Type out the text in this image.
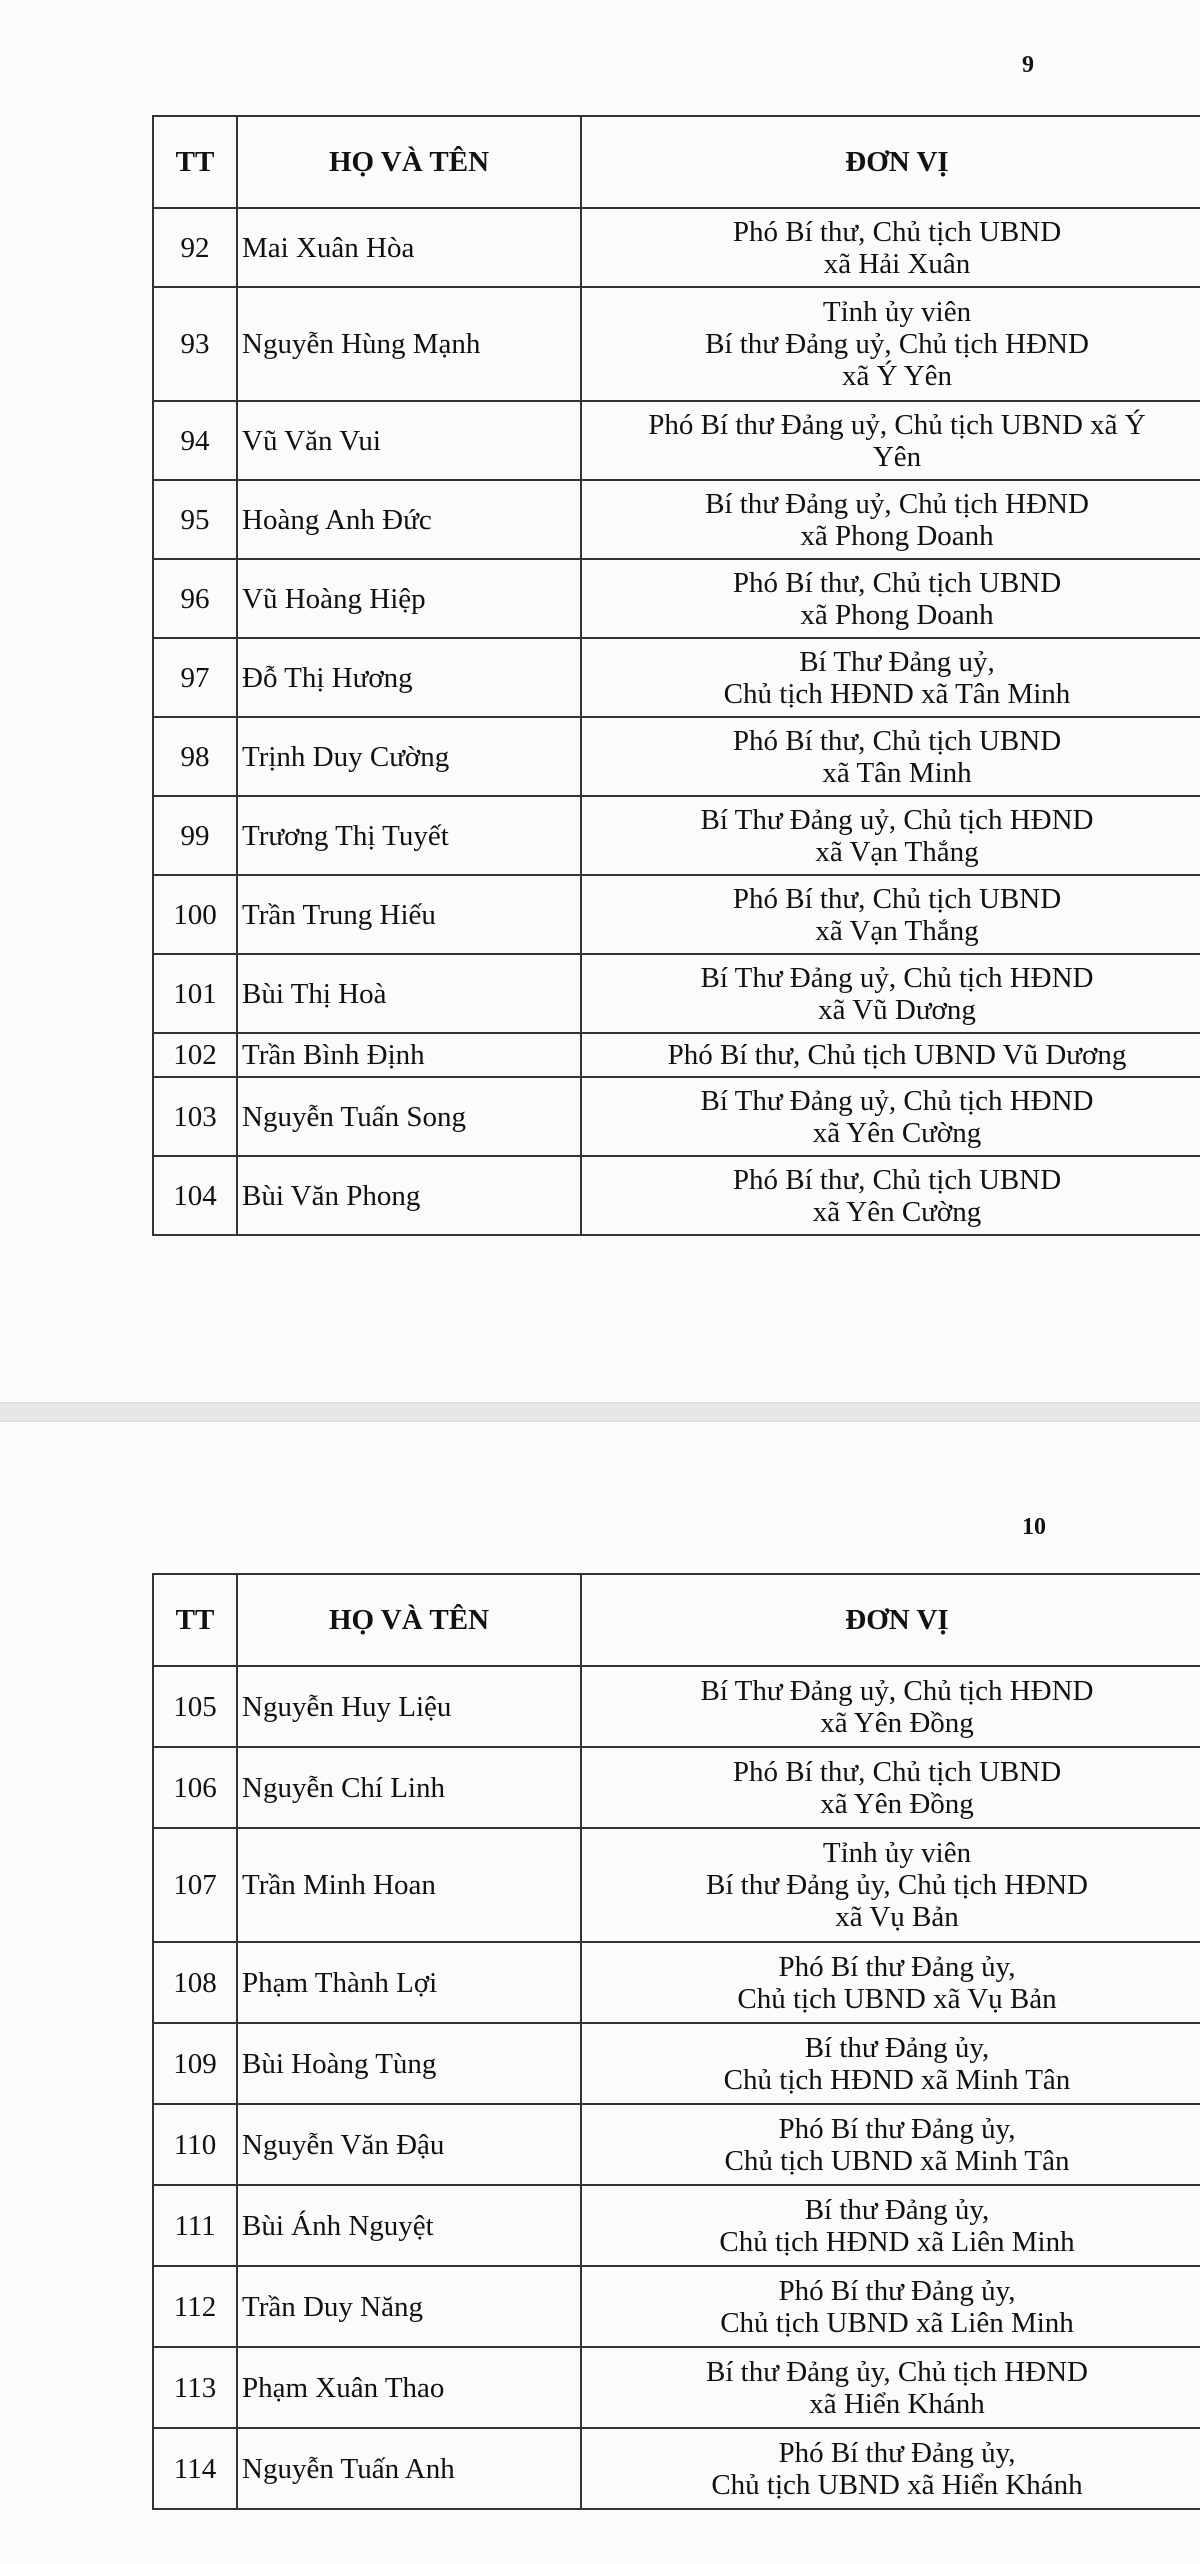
9
TT	HỌ VÀ TÊN	ĐƠN VỊ
92	Mai Xuân Hòa	Phó Bí thư, Chủ tịch UBND
xã Hải Xuân

93	Nguyễn Hùng Mạnh	Tỉnh ủy viên
Bí thư Đảng uỷ, Chủ tịch HĐND
xã Ý Yên

94	Vũ Văn Vui	Phó Bí thư Đảng uỷ, Chủ tịch UBND xã Ý
Yên

95	Hoàng Anh Đức	Bí thư Đảng uỷ, Chủ tịch HĐND
xã Phong Doanh

96	Vũ Hoàng Hiệp	Phó Bí thư, Chủ tịch UBND
xã Phong Doanh

97	Đỗ Thị Hương	Bí Thư Đảng uỷ,
Chủ tịch HĐND xã Tân Minh

98	Trịnh Duy Cường	Phó Bí thư, Chủ tịch UBND
xã Tân Minh

99	Trương Thị Tuyết	Bí Thư Đảng uỷ, Chủ tịch HĐND
xã Vạn Thắng

100	Trần Trung Hiếu	Phó Bí thư, Chủ tịch UBND
xã Vạn Thắng

101	Bùi Thị Hoà	Bí Thư Đảng uỷ, Chủ tịch HĐND
xã Vũ Dương

102	Trần Bình Định	Phó Bí thư, Chủ tịch UBND Vũ Dương

103	Nguyễn Tuấn Song	Bí Thư Đảng uỷ, Chủ tịch HĐND
xã Yên Cường

104	Bùi Văn Phong	Phó Bí thư, Chủ tịch UBND
xã Yên Cường
10
TT	HỌ VÀ TÊN	ĐƠN VỊ
105	Nguyễn Huy Liệu	Bí Thư Đảng uỷ, Chủ tịch HĐND
xã Yên Đồng

106	Nguyễn Chí Linh	Phó Bí thư, Chủ tịch UBND
xã Yên Đồng

107	Trần Minh Hoan	Tỉnh ủy viên
Bí thư Đảng ủy, Chủ tịch HĐND
xã Vụ Bản

108	Phạm Thành Lợi	Phó Bí thư Đảng ủy,
Chủ tịch UBND xã Vụ Bản

109	Bùi Hoàng Tùng	Bí thư Đảng ủy,
Chủ tịch HĐND xã Minh Tân

110	Nguyễn Văn Đậu	Phó Bí thư Đảng ủy,
Chủ tịch UBND xã Minh Tân

111	Bùi Ánh Nguyệt	Bí thư Đảng ủy,
Chủ tịch HĐND xã Liên Minh

112	Trần Duy Năng	Phó Bí thư Đảng ủy,
Chủ tịch UBND xã Liên Minh

113	Phạm Xuân Thao	Bí thư Đảng ủy, Chủ tịch HĐND
xã Hiển Khánh

114	Nguyễn Tuấn Anh	Phó Bí thư Đảng ủy,
Chủ tịch UBND xã Hiển Khánh
